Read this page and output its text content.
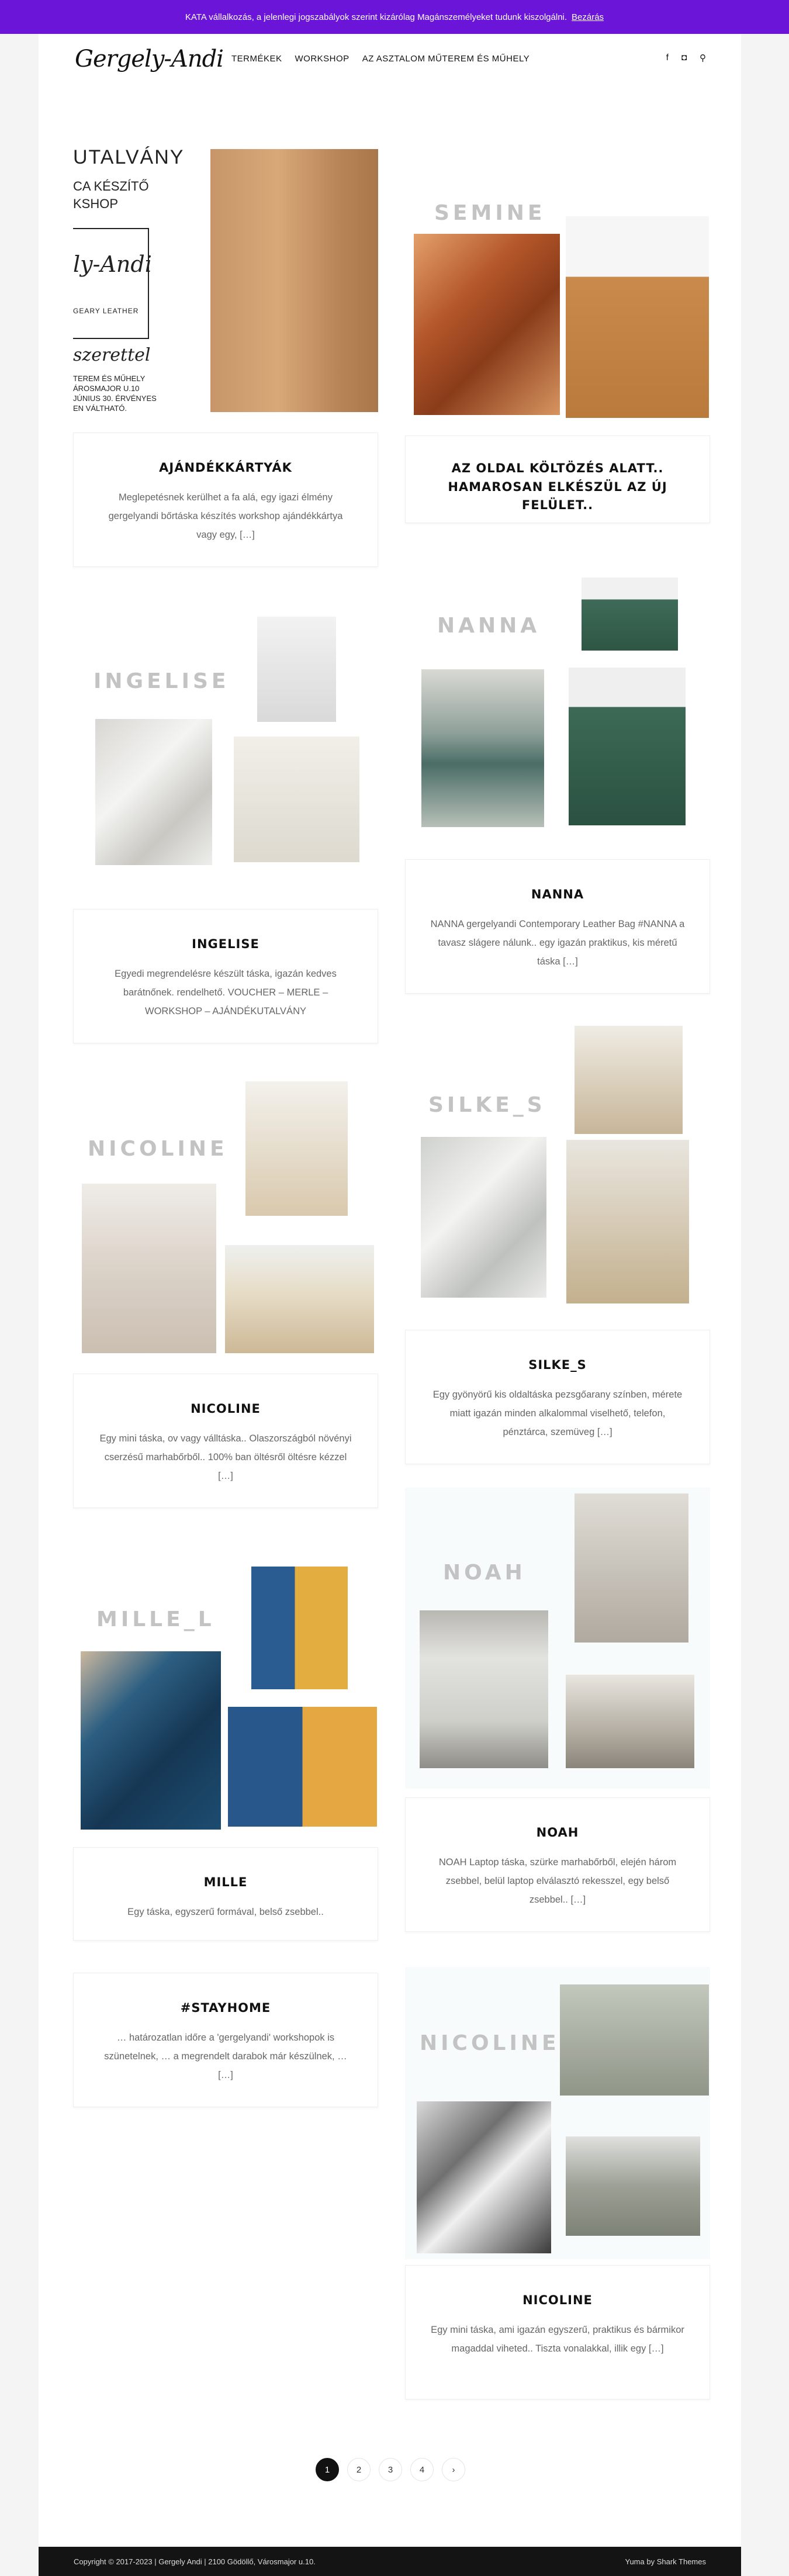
KATA vállalkozás, a jelenlegi jogszabályok szerint kizárólag Magánszemélyeket tudunk kiszolgálni. Bezárás
Gergely-Andi TERMÉKEK WORKSHOP AZ ASZTALOM MŰTEREM ÉS MŰHELY	f ◘ ⚲
UTALVÁNY
CA KÉSZÍTŐ
KSHOP
ly-Andi
GEARY LEATHER
szerettel
TEREM ÉS MŰHELY
ÁROSMAJOR U.10
JÚNIUS 30. ÉRVÉNYES
EN VÁLTHATÓ.
AJÁNDÉKKÁRTYÁK
Meglepetésnek kerülhet a fa alá, egy igazi élmény gergelyandi bőrtáska készítés workshop ajándékkártya vagy egy, […]
SEMINE
AZ OLDAL KÖLTÖZÉS ALATT.. HAMAROSAN ELKÉSZÜL AZ ÚJ FELÜLET..
INGELISE
INGELISE
Egyedi megrendelésre készült táska, igazán kedves barátnőnek. rendelhető. VOUCHER – MERLE – WORKSHOP – AJÁNDÉKUTALVÁNY
NANNA
NANNA
NANNA gergelyandi Contemporary Leather Bag #NANNA a tavasz slágere nálunk.. egy igazán praktikus, kis méretű táska […]
NICOLINE
NICOLINE
Egy mini táska, ov vagy válltáska.. Olaszországból növényi cserzésű marhabőrből.. 100% ban öltésről öltésre kézzel […]
SILKE_S
SILKE_S
Egy gyönyörű kis oldaltáska pezsgőarany színben, mérete miatt igazán minden alkalommal viselhető, telefon, pénztárca, szemüveg […]
MILLE_L
MILLE
Egy táska, egyszerű formával, belső zsebbel..
NOAH
NOAH
NOAH Laptop táska, szürke marhabőrből, elején három zsebbel, belül laptop elválasztó rekesszel, egy belső zsebbel.. […]
#STAYHOME
… határozatlan időre a 'gergelyandi' workshopok is szünetelnek, … a megrendelt darabok már készülnek, … […]
NICOLINE
NICOLINE
Egy mini táska, ami igazán egyszerű, praktikus és bármikor magaddal viheted.. Tiszta vonalakkal, illik egy […]
1	2	3	4	›
Copyright © 2017-2023 | Gergely Andi | 2100 Gödöllő, Városmajor u.10.	Yuma by Shark Themes
